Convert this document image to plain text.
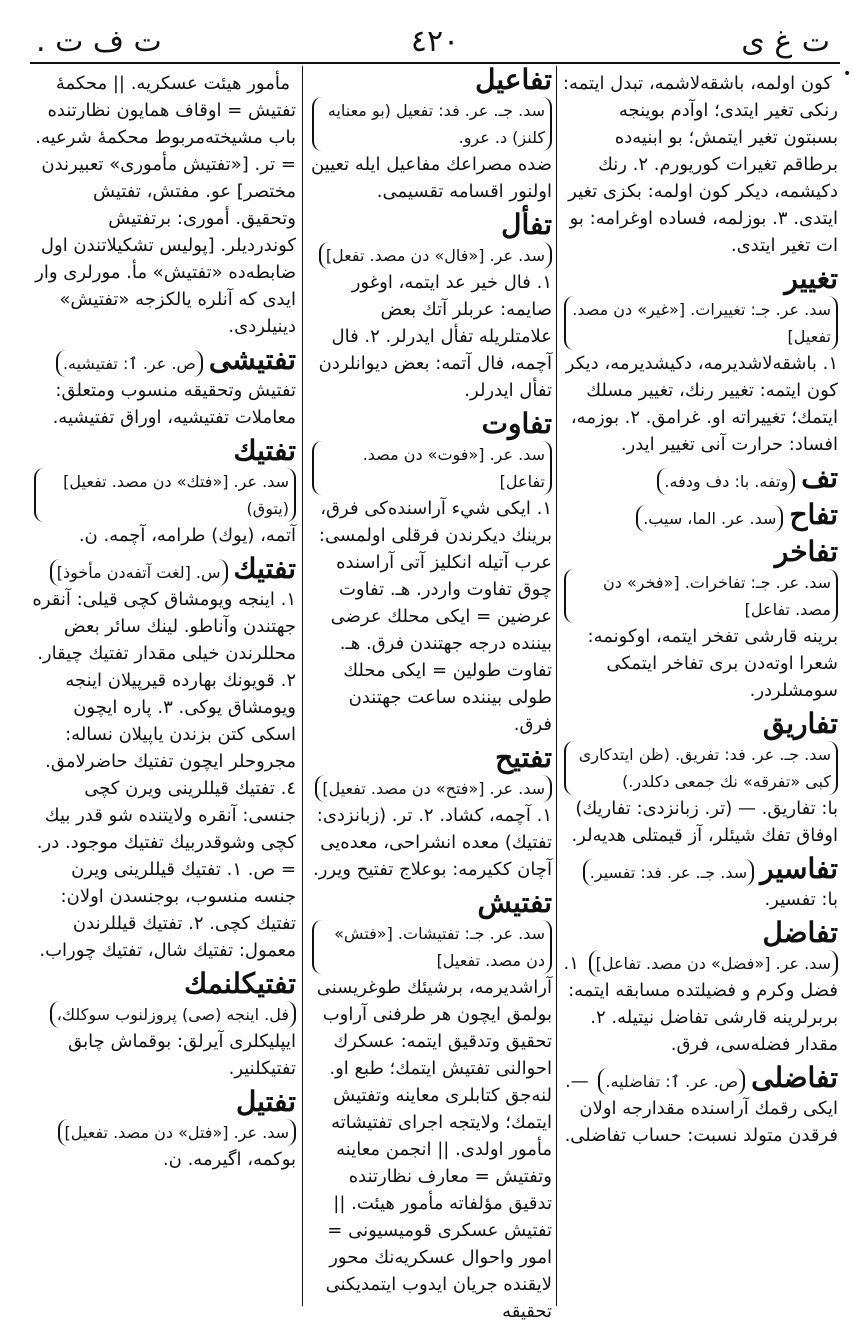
ت غ ى
٤٢٠
ت ف ت .
•
كون اولمه، باشقه‌لاشمه، تبدل ايتمه: رنكى تغير ايتدى؛ اوآدم بوينجه بسبتون تغير ايتمش؛ بو ابنيه‌ده برطاقم تغيرات كوريورم. ٢. رنك دكيشمه، ديكر كون اولمه: بكزى تغير ايتدى. ٣. بوزلمه، فساده اوغرامه: بو ات تغير ايتدى.
تغييرسد. عر. جـ: تغييرات. [«غير» دن مصد. تفعيل] ١. باشقه‌لاشديرمه، دكيشديرمه، ديكر كون ايتمه: تغيير رنك، تغيير مسلك ايتمك؛ تغييراته او. غرامق. ٢. بوزمه، افساد: حرارت آنى تغيير ايدر.
تفوتفه. با: دف ودفه.
تفاحسد. عر. الما، سيب.
تفاخرسد. عر. جـ: تفاخرات. [«فخر» دن مصد. تفاعل] برينه قارشى تفخر ايتمه، اوكونمه: شعرا اوته‌دن برى تفاخر ايتمكى سومشلردر.
تفاريقسد. جـ. عر. فد: تفريق. (ظن ايتدكارى كبى «تفرقه» نك جمعى دكلدر.) با: تفاريق. — (تر. زبانزدى: تفاريك) اوفاق تفك شيئلر، آز قيمتلى هديه‌لر.
تفاسيرسد. جـ. عر. فد: تفسير. با: تفسير.
تفاضلسد. عر. [«فضل» دن مصد. تفاعل] ١. فضل وكرم و فضيلتده مسابقه ايتمه: بربرلرينه قارشى تفاضل نيتيله. ٢. مقدار فضله‌سى، فرق.
تفاضلىص. عر. ٱ: تفاضليه. —. ايكى رقمك آراسنده مقدارجه اولان فرقدن متولد نسبت: حساب تفاضلى.
تفاعيلسد. جـ. عر. فد: تفعيل (بو معنايه كلنز) د. عرو. ضده مصراعك مفاعيل ايله تعيين اولنور اقسامه تقسيمى.
تفألسد. عر. [«فال» دن مصد. تفعل] ١. فال خير عد ايتمه، اوغور صايمه: عربلر آتك بعض علامتلريله تفأل ايدرلر. ٢. فال آچمه، فال آتمه: بعض ديوانلردن تفأل ايدرلر.
تفاوتسد. عر. [«فوت» دن مصد. تفاعل] ١. ايكى شيء آراسنده‌كى فرق، برينك ديكرندن فرقلى اولمسى: عرب آتيله انكليز آتى آراسنده چوق تفاوت واردر. هـ. تفاوت عرضين = ايكى محلك عرضى بيننده درجه جهتندن فرق. هـ. تفاوت طولين = ايكى محلك طولى بيننده ساعت جهتندن فرق.
تفتيحسد. عر. [«فتح» دن مصد. تفعيل] ١. آچمه، كشاد. ٢. تر. (زبانزدى: تفتيك) معده انشراحى، معده‌يى آچان ككيرمه: بوعلاج تفتيح ويرر.
تفتيشسد. عر. جـ: تفتيشات. [«فتش» دن مصد. تفعيل] آراشديرمه، برشيئك طوغريسنى بولمق ايچون هر طرفنى آراوب تحقيق وتدقيق ايتمه: عسكرك احوالنى تفتيش ايتمك؛ طبع او. لنه‌جق كتابلرى معاينه وتفتيش ايتمك؛ ولايتجه اجراى تفتيشاته مأمور اولدى. || انجمن معاينه وتفتيش = معارف نظارتنده تدقيق مؤلفاته مأمور هيئت. || تفتيش عسكرى قوميسيونى = امور واحوال عسكريه‌نك محور لايقنده جريان ايدوب ايتمديكنى تحقيقه
مأمور هيئت عسكريه. || محكمهٔ تفتيش = اوقاف همايون نظارتنده باب مشيخته‌مربوط محكمهٔ شرعيه. = تر. [«تفتيش مأمورى» تعبيرندن مختصر] عو. مفتش، تفتيش وتحقيق. أمورى: برتفتيش كوندرديلر. [پوليس تشكيلاتندن اول ضابطه‌ده «تفتيش» مأ. مورلرى وار ايدى كه آنلره يالكزجه «تفتيش» دينيلردى.
تفتيشىص. عر. ٱ: تفتيشيه. تفتيش وتحقيقه منسوب ومتعلق: معاملات تفتيشيه، اوراق تفتيشيه.
تفتيكسد. عر. [«فتك» دن مصد. تفعيل] (يتوق) آتمه، (يوك) طرامه، آچمه. ن.
تفتيكس. [لغت آتفه‌دن مأخوذ] ١. اينجه ويومشاق كچى قيلى: آنقره جهتندن وآناطو. لينك سائر بعض محللرندن خيلى مقدار تفتيك چيقار. ٢. قويونك بهارده قيرپيلان اينجه ويومشاق يوكى. ٣. پاره ايچون اسكى كتن بزندن ياپيلان نساله: مجروحلر ايچون تفتيك حاضرلامق. ٤. تفتيك قيللرينى ويرن كچى جنسى: آنقره ولايتنده شو قدر بيك كچى وشوقدربيك تفتيك موجود. در. = ص. ١. تفتيك قيللرينى ويرن جنسه منسوب، بوجنسدن اولان: تفتيك كچى. ٢. تفتيك قيللرندن معمول: تفتيك شال، تفتيك چوراب.
تفتيكلنمكفل. اينجه (صى) پروزلنوب سوكلك، ايپليكلرى آيرلق: بوقماش چابق تفتيكلنير.
تفتيلسد. عر. [«فتل» دن مصد. تفعيل] بوكمه، اگيرمه. ن.
